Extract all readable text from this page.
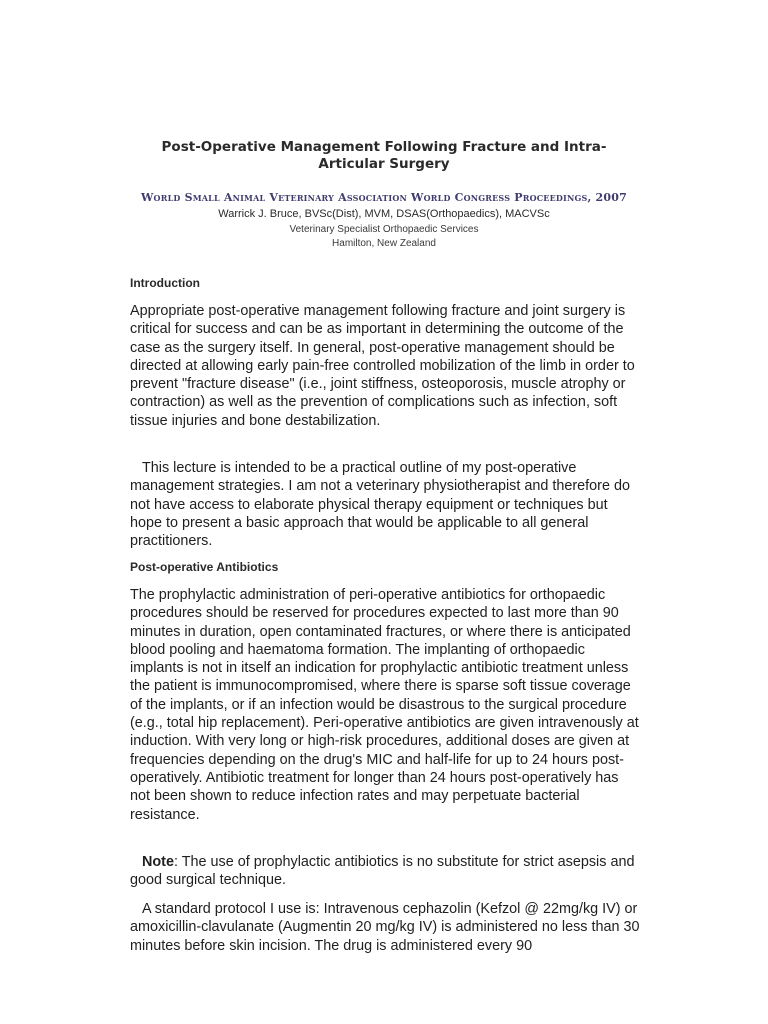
Post-Operative Management Following Fracture and Intra-Articular Surgery

World Small Animal Veterinary Association World Congress Proceedings, 2007

Warrick J. Bruce, BVSc(Dist), MVM, DSAS(Orthopaedics), MACVSc

Veterinary Specialist Orthopaedic Services
Hamilton, New Zealand
Introduction

Appropriate post-operative management following fracture and joint surgery is critical for success and can be as important in determining the outcome of the case as the surgery itself. In general, post-operative management should be directed at allowing early pain-free controlled mobilization of the limb in order to prevent "fracture disease" (i.e., joint stiffness, osteoporosis, muscle atrophy or contraction) as well as the prevention of complications such as infection, soft tissue injuries and bone destabilization.

This lecture is intended to be a practical outline of my post-operative management strategies. I am not a veterinary physiotherapist and therefore do not have access to elaborate physical therapy equipment or techniques but hope to present a basic approach that would be applicable to all general practitioners.

Post-operative Antibiotics

The prophylactic administration of peri-operative antibiotics for orthopaedic procedures should be reserved for procedures expected to last more than 90 minutes in duration, open contaminated fractures, or where there is anticipated blood pooling and haematoma formation. The implanting of orthopaedic implants is not in itself an indication for prophylactic antibiotic treatment unless the patient is immunocompromised, where there is sparse soft tissue coverage of the implants, or if an infection would be disastrous to the surgical procedure (e.g., total hip replacement). Peri-operative antibiotics are given intravenously at induction. With very long or high-risk procedures, additional doses are given at frequencies depending on the drug's MIC and half-life for up to 24 hours post-operatively. Antibiotic treatment for longer than 24 hours post-operatively has not been shown to reduce infection rates and may perpetuate bacterial resistance.

Note: The use of prophylactic antibiotics is no substitute for strict asepsis and good surgical technique.

A standard protocol I use is: Intravenous cephazolin (Kefzol @ 22mg/kg IV) or amoxicillin-clavulanate (Augmentin 20 mg/kg IV) is administered no less than 30 minutes before skin incision. The drug is administered every 90
